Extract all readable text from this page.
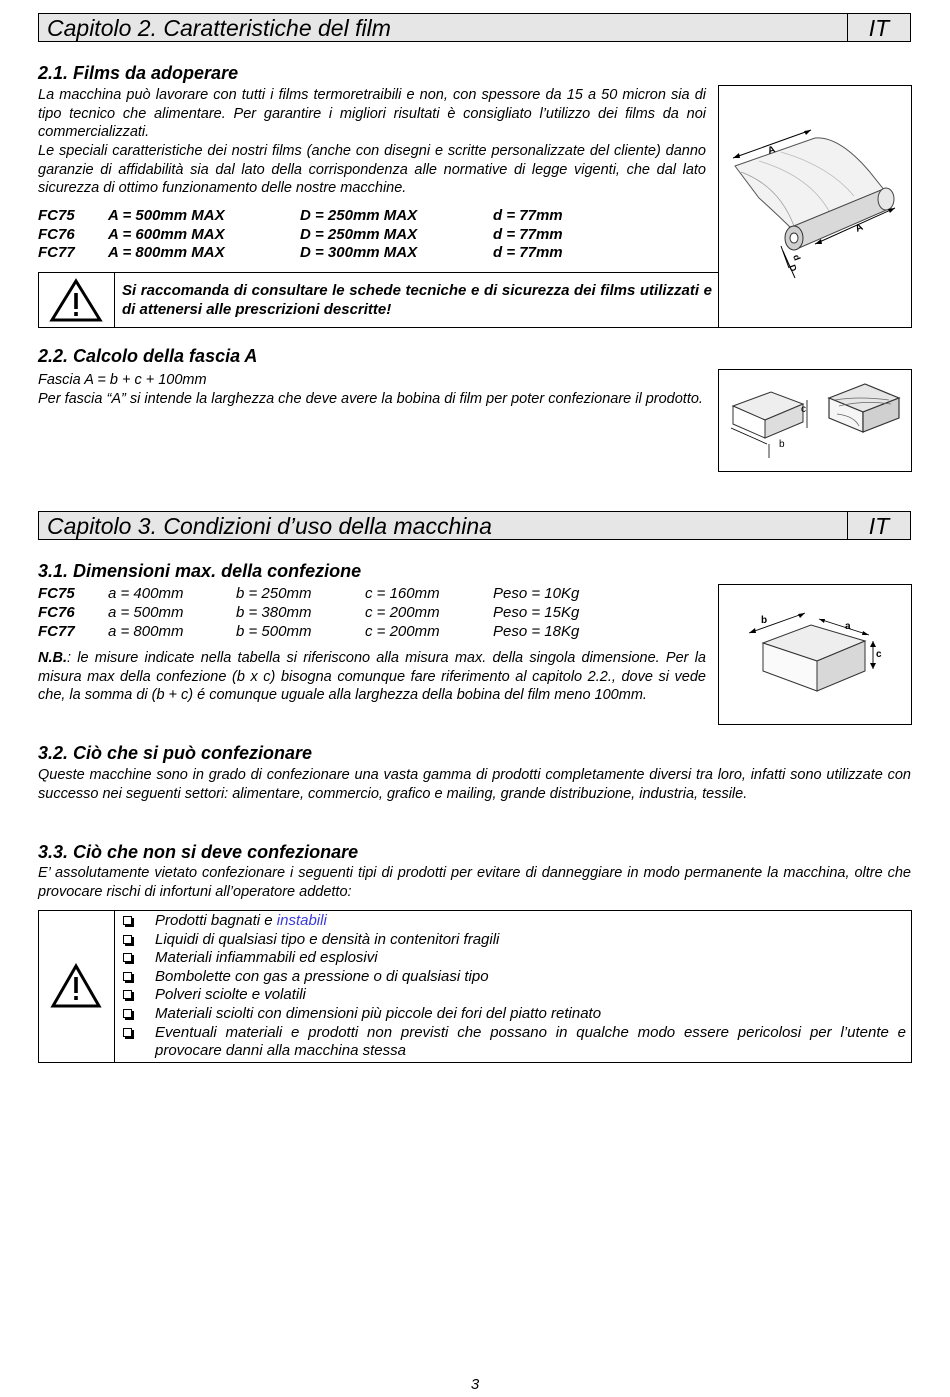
Capitolo 2. Caratteristiche del film	IT
2.1. Films da adoperare

La macchina può lavorare con tutti i films termoretraibili e non, con spessore da 15 a 50 micron sia di tipo tecnico che alimentare. Per garantire i migliori risultati è consigliato l’utilizzo dei films da noi commercializzati.

Le speciali caratteristiche dei nostri films (anche con disegni e scritte personalizzate del cliente) danno garanzie di affidabilità sia dal lato della corrispondenza alle normative di legge vigenti, che dal lato sicurezza di ottimo funzionamento delle nostre macchine.

FC75 A = 500mm MAX	D = 250mm MAX	d = 77mm
FC76 A = 600mm MAX	D = 250mm MAX	d = 77mm
FC77 A = 800mm MAX	D = 300mm MAX	d = 77mm
Si raccomanda di consultare le schede tecniche e di sicurezza dei films utilizzati e di attenersi alle prescrizioni descritte!
A
A
d
D
2.2. Calcolo della fascia A

Fascia A = b + c + 100mm

Per fascia “A” si intende la larghezza che deve avere la bobina di film per poter confezionare il prodotto.

c
b
Capitolo 3. Condizioni d’uso della macchina	IT
3.1. Dimensioni max. della confezione
FC75 a = 400mm	b = 250mm	c = 160mm	Peso = 10Kg
FC76 a = 500mm	b = 380mm	c = 200mm	Peso = 15Kg
FC77 a = 800mm	b = 500mm	c = 200mm	Peso = 18Kg

N.B.: le misure indicate nella tabella si riferiscono alla misura max. della singola dimensione. Per la misura max della confezione (b x c) bisogna comunque fare riferimento al capitolo 2.2., dove si vede che, la somma di (b + c) é comunque uguale alla larghezza della bobina del film meno 100mm.

b
a
c
3.2. Ciò che si può confezionare

Queste macchine sono in grado di confezionare una vasta gamma di prodotti completamente diversi tra loro, infatti sono utilizzate con successo nei seguenti settori: alimentare, commercio, grafico e mailing, grande distribuzione, industria, tessile.

3.3. Ciò che non si deve confezionare

E’ assolutamente vietato confezionare i seguenti tipi di prodotti per evitare di danneggiare in modo permanente la macchina, oltre che provocare rischi di infortuni all’operatore addetto:

Prodotti bagnati e instabili
Liquidi di qualsiasi tipo e densità in contenitori fragili
Materiali infiammabili ed esplosivi
Bombolette con gas a pressione o di qualsiasi tipo
Polveri sciolte e volatili
Materiali sciolti con dimensioni più piccole dei fori del piatto retinato
Eventuali materiali e prodotti non previsti che possano in qualche modo essere pericolosi per l’utente e provocare danni alla macchina stessa
3
